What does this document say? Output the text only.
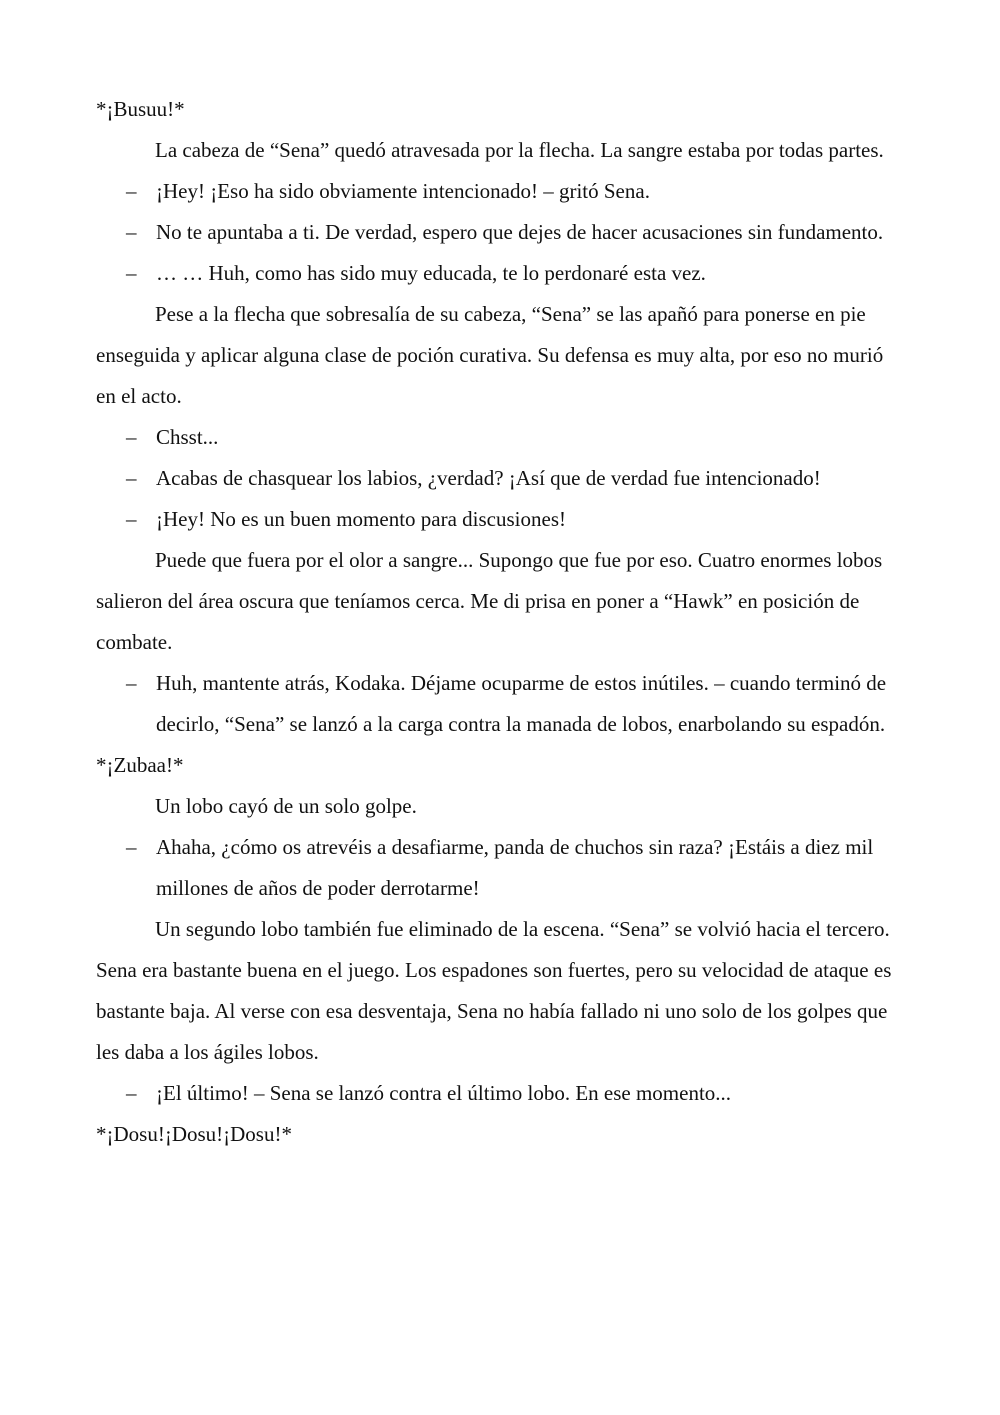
*¡Busuu!*

La cabeza de “Sena” quedó atravesada por la flecha. La sangre estaba por todas partes.

– ¡Hey! ¡Eso ha sido obviamente intencionado! – gritó Sena.

– No te apuntaba a ti. De verdad, espero que dejes de hacer acusaciones sin fundamento.

– … … Huh, como has sido muy educada, te lo perdonaré esta vez.

Pese a la flecha que sobresalía de su cabeza, “Sena” se las apañó para ponerse en pie enseguida y aplicar alguna clase de poción curativa. Su defensa es muy alta, por eso no murió en el acto.

– Chsst...

– Acabas de chasquear los labios, ¿verdad? ¡Así que de verdad fue intencionado!

– ¡Hey! No es un buen momento para discusiones!

Puede que fuera por el olor a sangre... Supongo que fue por eso. Cuatro enormes lobos salieron del área oscura que teníamos cerca. Me di prisa en poner a “Hawk” en posición de combate.

– Huh, mantente atrás, Kodaka. Déjame ocuparme de estos inútiles. – cuando terminó de decirlo, “Sena” se lanzó a la carga contra la manada de lobos, enarbolando su espadón.

*¡Zubaa!*

Un lobo cayó de un solo golpe.

– Ahaha, ¿cómo os atrevéis a desafiarme, panda de chuchos sin raza? ¡Estáis a diez mil millones de años de poder derrotarme!

Un segundo lobo también fue eliminado de la escena. “Sena” se volvió hacia el tercero. Sena era bastante buena en el juego. Los espadones son fuertes, pero su velocidad de ataque es bastante baja. Al verse con esa desventaja, Sena no había fallado ni uno solo de los golpes que les daba a los ágiles lobos.

– ¡El último! – Sena se lanzó contra el último lobo. En ese momento...

*¡Dosu!¡Dosu!¡Dosu!*
